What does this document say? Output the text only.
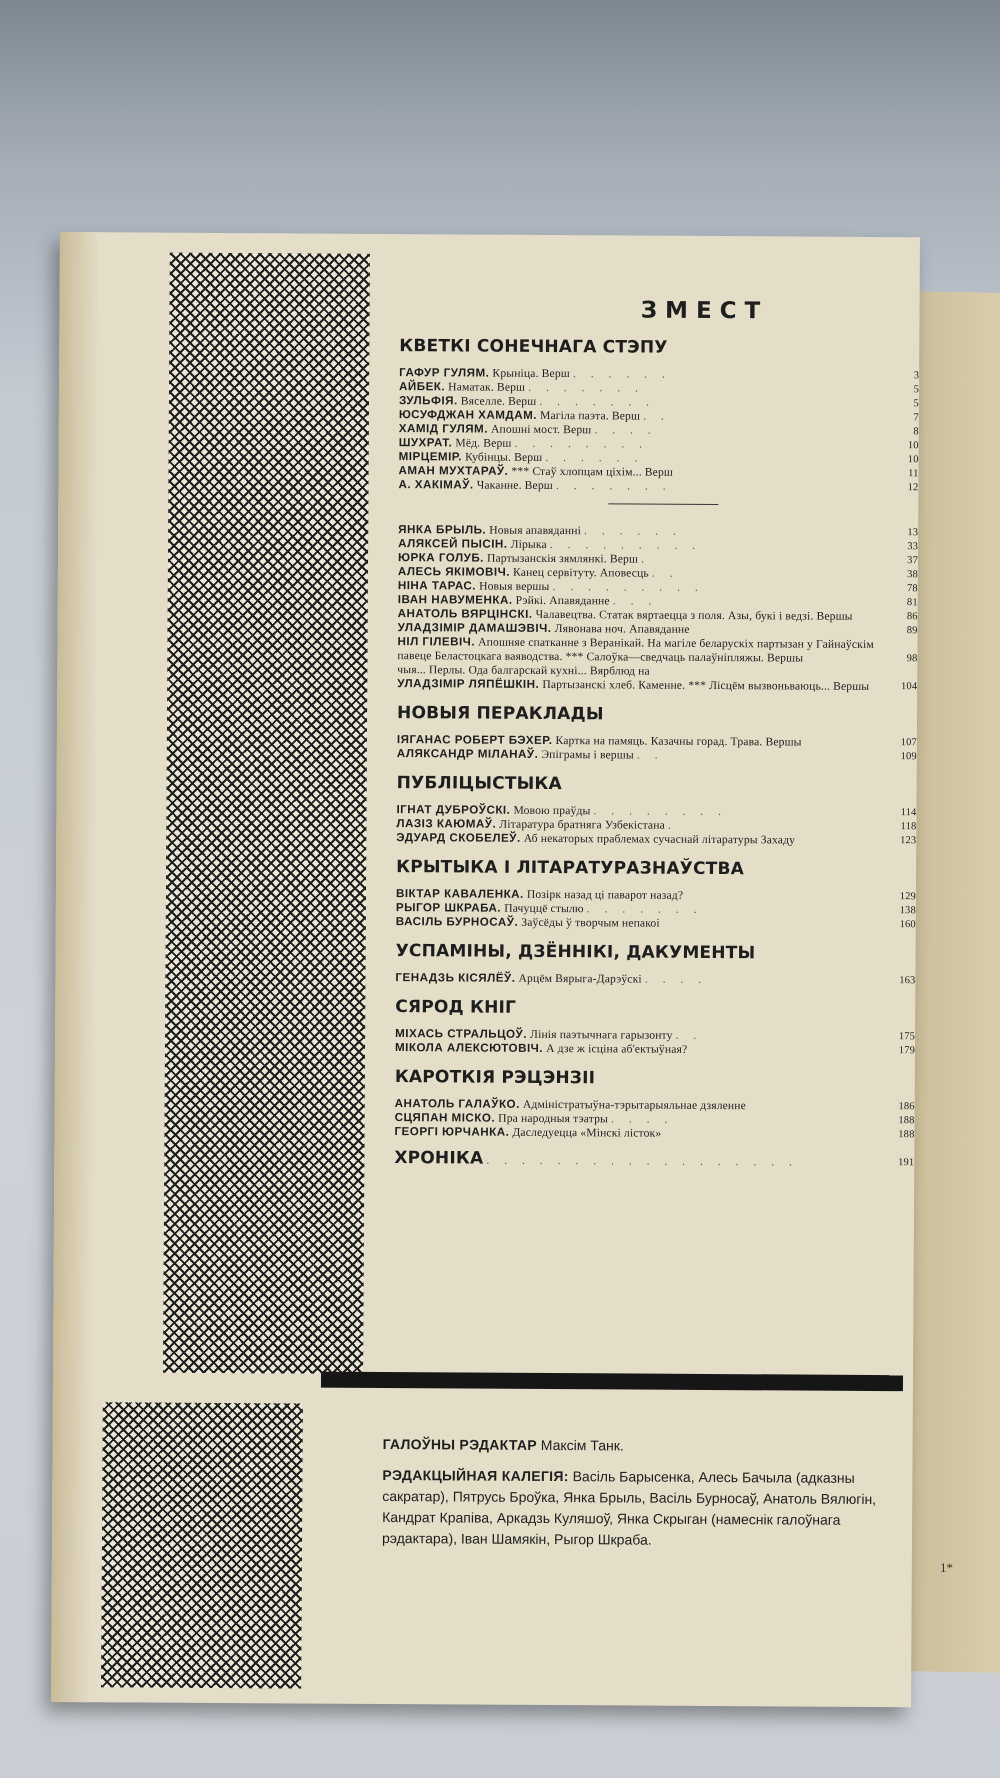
ЗМЕСТ
КВЕТКІ СОНЕЧНАГА СТЭПУ
ГАФУР ГУЛЯМ. Крыніца. Верш . . . . . .	3
АЙБЕК. Наматак. Верш . . . . . . .	5
ЗУЛЬФІЯ. Вяселле. Верш . . . . . . .	5
ЮСУФДЖАН ХАМДАМ. Магіла паэта. Верш . .	7
ХАМІД ГУЛЯМ. Апошні мост. Верш . . . .	8
ШУХРАТ. Мёд. Верш . . . . . . . .	10
МІРЦЕМІР. Кубінцы. Верш . . . . . .	10
АМАН МУХТАРАЎ. *** Стаў хлопцам ціхім... Верш	11
А. ХАКІМАЎ. Чаканне. Верш . . . . . . .	12
ЯНКА БРЫЛЬ. Новыя апавяданні . . . . . .	13
АЛЯКСЕЙ ПЫСІН. Лірыка . . . . . . . . .	33
ЮРКА ГОЛУБ. Партызанскія зямлянкі. Верш .	37
АЛЕСЬ ЯКІМОВІЧ. Канец сервітуту. Аповесць . .	38
НІНА ТАРАС. Новыя вершы . . . . . . . . .	78
ІВАН НАВУМЕНКА. Рэйкі. Апавяданне . . .	81
АНАТОЛЬ ВЯРЦІНСКІ. Чалавецтва. Статак вяртаецца з поля. Азы, букі і ведзі. Вершы	86
УЛАДЗІМІР ДАМАШЭВІЧ. Лявонава ноч. Апавяданне	89
НІЛ ГІЛЕВІЧ. Апошняе спатканне з Веранікай. На магіле беларускіх партызан у Гайнаўскім павеце Беластоцкага ваяводства. *** Салоўка—сведчаць палаўніпляжы. Вершы	98
чыя... Перлы. Ода балгарскай кухні... Вярблюд на
УЛАДЗІМІР ЛЯПЁШКІН. Партызанскі хлеб. Каменне. *** Лісцём вызвоньваюць... Вершы	104
НОВЫЯ ПЕРАКЛАДЫ
ІЯГАНАС РОБЕРТ БЭХЕР. Картка на памяць. Казачны горад. Трава. Вершы	107
АЛЯКСАНДР МІЛАНАЎ. Эпіграмы і вершы . .	109
ПУБЛІЦЫСТЫКА
ІГНАТ ДУБРОЎСКІ. Мовою праўды . . . . . . . .	114
ЛАЗІЗ КАЮМАЎ. Літаратура братняга Узбекістана .	118
ЭДУАРД СКОБЕЛЕЎ. Аб некаторых праблемах сучаснай літаратуры Захаду	123
КРЫТЫКА І ЛІТАРАТУРАЗНАЎСТВА
ВІКТАР КАВАЛЕНКА. Позірк назад ці паварот назад?	129
РЫГОР ШКРАБА. Пачуццё стылю . . . . . . .	138
ВАСІЛЬ БУРНОСАЎ. Заўсёды ў творчым непакоі	160
УСПАМІНЫ, ДЗЁННІКІ, ДАКУМЕНТЫ
ГЕНАДЗЬ КІСЯЛЁЎ. Арцём Вярыга-Дарэўскі . . . .	163
СЯРОД КНІГ
МІХАСЬ СТРАЛЬЦОЎ. Лінія паэтычнага гарызонту . .	175
МІКОЛА АЛЕКСЮТОВІЧ. А дзе ж ісціна аб'ектыўная?	179
КАРОТКІЯ РЭЦЭНЗІІ
АНАТОЛЬ ГАЛАЎКО. Адміністратыўна-тэрытарыяльнае дзяленне	186
СЦЯПАН МІСКО. Пра народныя тэатры . . . .	188
ГЕОРГІ ЮРЧАНКА. Даследуецца «Мінскі лісток»	188
ХРОНІКА . . . . . . . . . . . . . . . . . .	191

ГАЛОЎНЫ РЭДАКТАР Максім Танк.

РЭДАКЦЫЙНАЯ КАЛЕГІЯ: Васіль Барысенка, Алесь Бачыла (адказны сакратар), Пятрусь Броўка, Янка Брыль, Васіль Бурносаў, Анатоль Вялюгін, Кандрат Крапіва, Аркадзь Куляшоў, Янка Скрыган (намеснік галоўнага рэдактара), Іван Шамякін, Рыгор Шкраба.

1*
